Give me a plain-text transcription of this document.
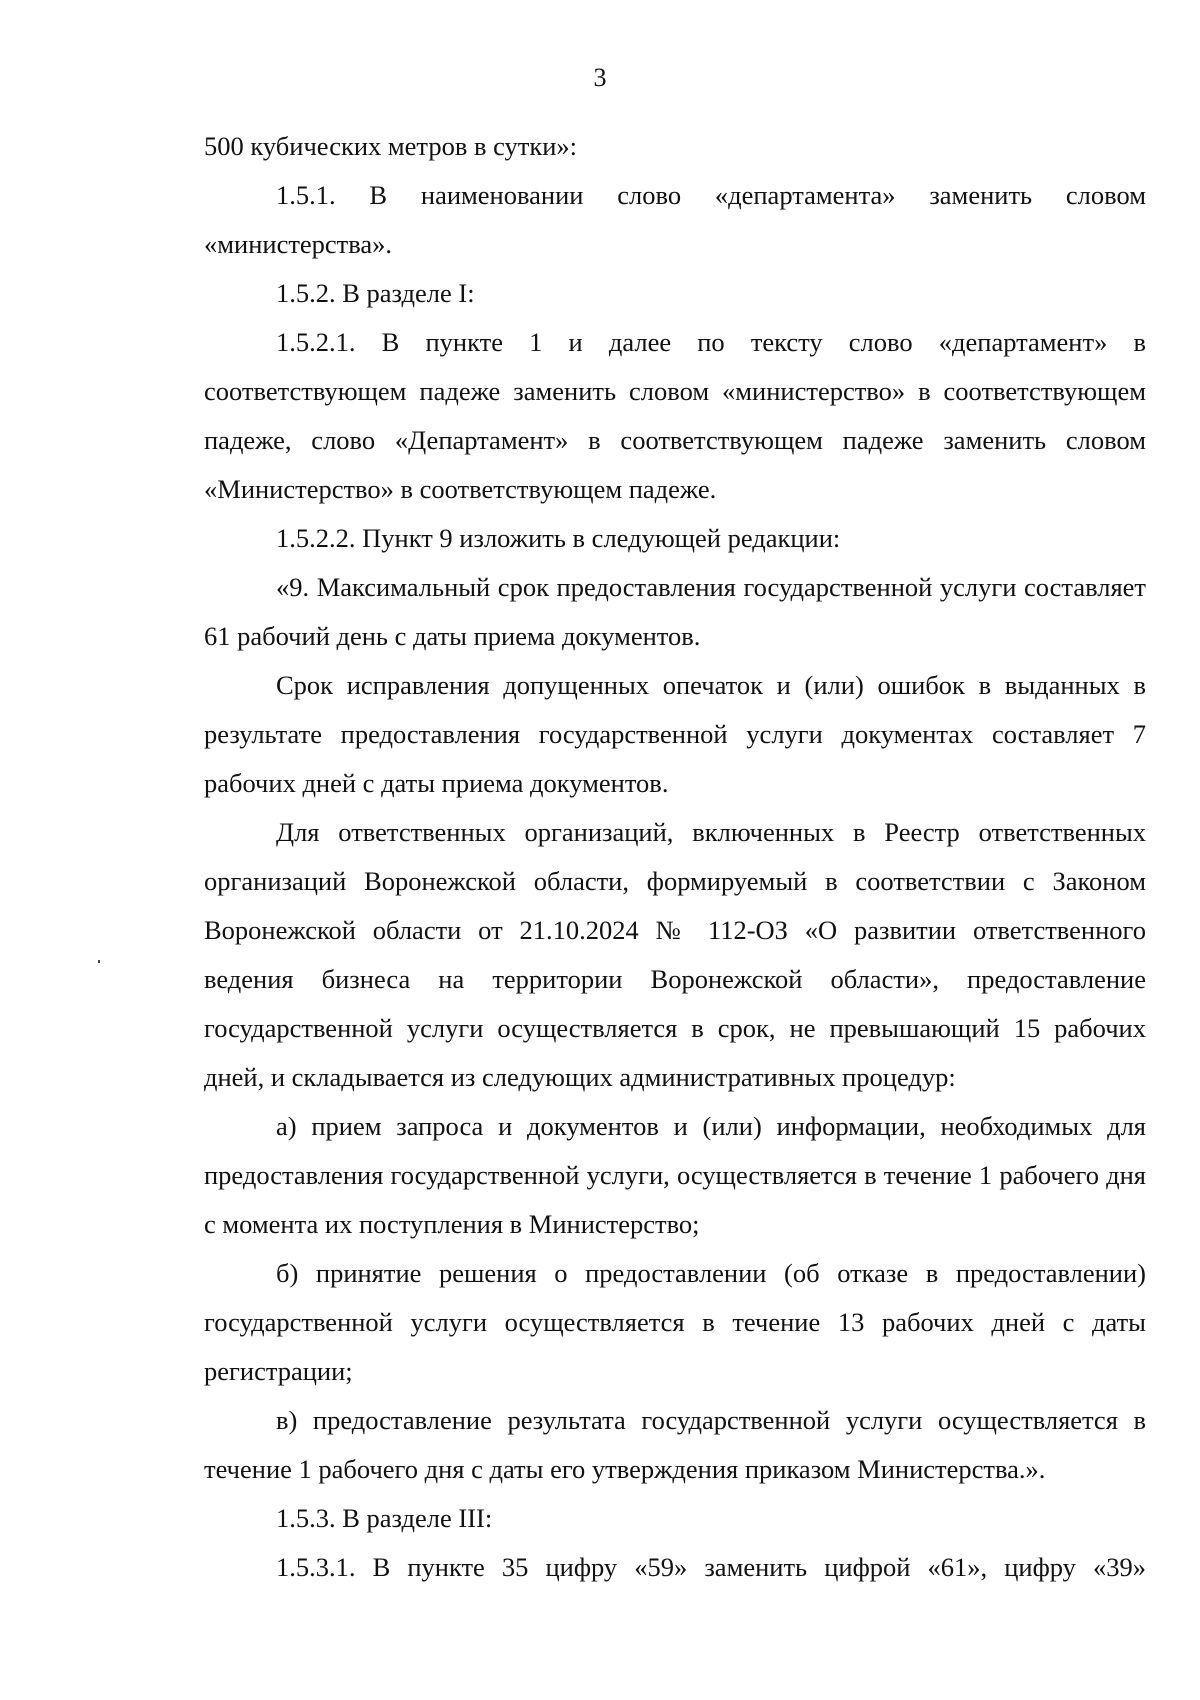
3

500 кубических метров в сутки»:

1.5.1. В наименовании слово «департамента» заменить словом «министерства».

1.5.2. В разделе I:

1.5.2.1. В пункте 1 и далее по тексту слово «департамент» в соответствующем падеже заменить словом «министерство» в соответствующем падеже, слово «Департамент» в соответствующем падеже заменить словом «Министерство» в соответствующем падеже.

1.5.2.2. Пункт 9 изложить в следующей редакции:

«9. Максимальный срок предоставления государственной услуги составляет 61 рабочий день с даты приема документов.

Срок исправления допущенных опечаток и (или) ошибок в выданных в результате предоставления государственной услуги документах составляет 7 рабочих дней с даты приема документов.

Для ответственных организаций, включенных в Реестр ответственных организаций Воронежской области, формируемый в соответствии с Законом Воронежской области от 21.10.2024 № 112-ОЗ «О развитии ответственного ведения бизнеса на территории Воронежской области», предоставление государственной услуги осуществляется в срок, не превышающий 15 рабочих дней, и складывается из следующих административных процедур:

а) прием запроса и документов и (или) информации, необходимых для предоставления государственной услуги, осуществляется в течение 1 рабочего дня с момента их поступления в Министерство;

б) принятие решения о предоставлении (об отказе в предоставлении) государственной услуги осуществляется в течение 13 рабочих дней с даты регистрации;

в) предоставление результата государственной услуги осуществляется в течение 1 рабочего дня с даты его утверждения приказом Министерства.».

1.5.3. В разделе III:

1.5.3.1. В пункте 35 цифру «59» заменить цифрой «61», цифру «39»
